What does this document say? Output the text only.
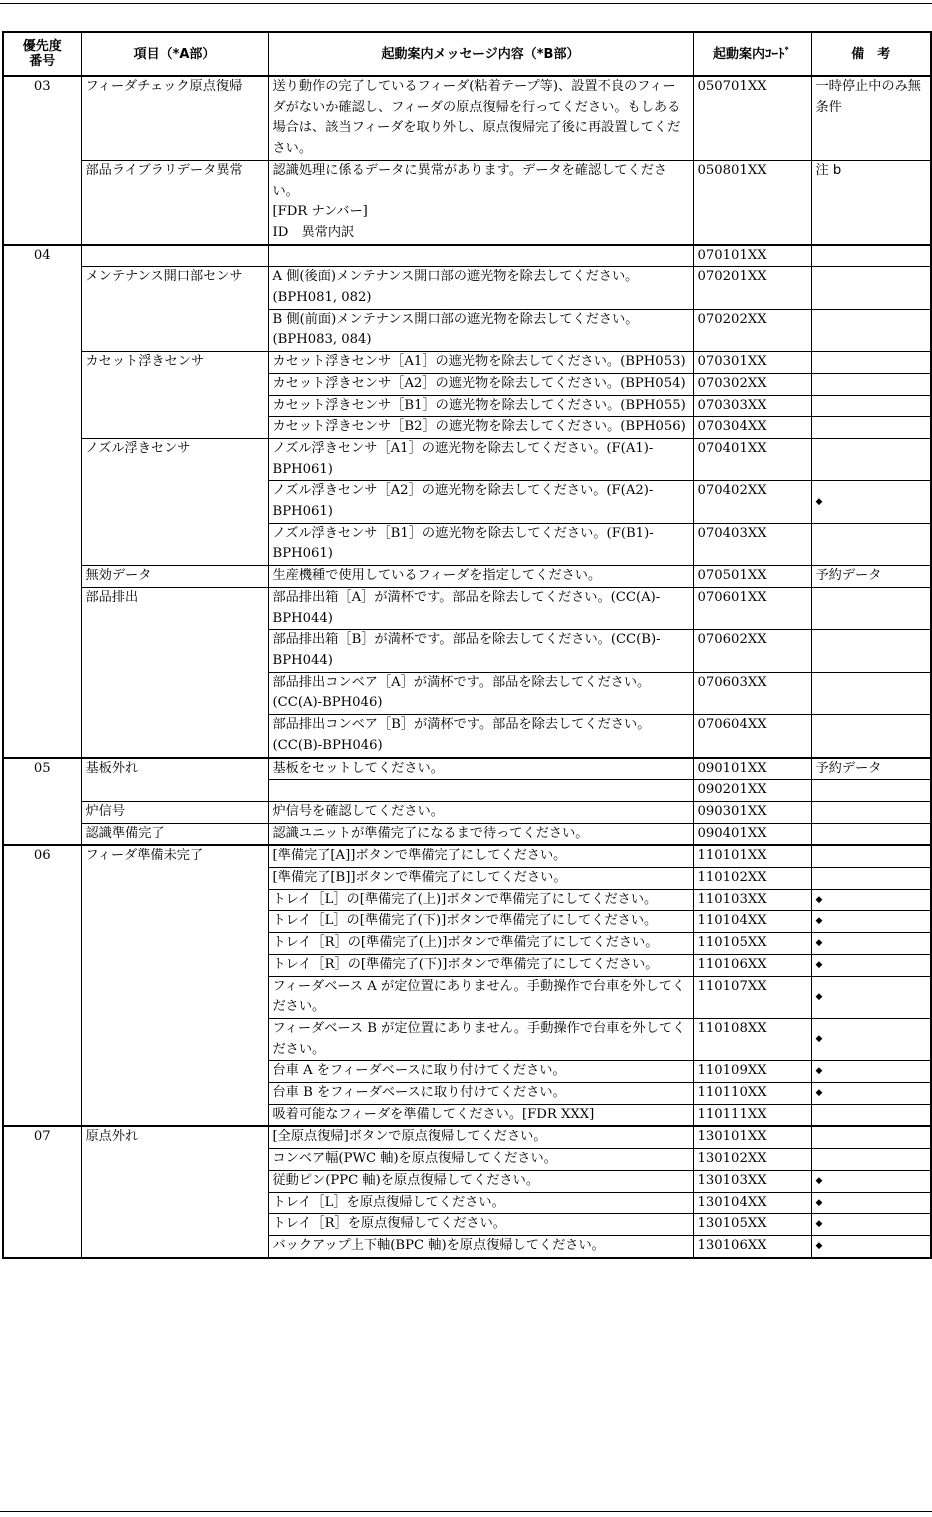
優先度
番号	項目（*A部）	起動案内メッセージ内容（*B部）	起動案内ｺｰﾄﾞ	備　考
03	フィーダチェック原点復帰	送り動作の完了しているフィーダ(粘着テープ等)、設置不良のフィーダがないか確認し、フィーダの原点復帰を行ってください。もしある場合は、該当フィーダを取り外し、原点復帰完了後に再設置してください。	050701XX	一時停止中のみ無条件
	部品ライブラリデータ異常	認識処理に係るデータに異常があります。データを確認してください。
[FDR ナンバー]
ID　異常内訳	050801XX	注 b
04			070101XX	
	メンテナンス開口部センサ	A 側(後面)メンテナンス開口部の遮光物を除去してください。(BPH081, 082)	070201XX	
		B 側(前面)メンテナンス開口部の遮光物を除去してください。(BPH083, 084)	070202XX	
	カセット浮きセンサ	カセット浮きセンサ［A1］の遮光物を除去してください。(BPH053)	070301XX	
		カセット浮きセンサ［A2］の遮光物を除去してください。(BPH054)	070302XX	
		カセット浮きセンサ［B1］の遮光物を除去してください。(BPH055)	070303XX	
		カセット浮きセンサ［B2］の遮光物を除去してください。(BPH056)	070304XX	
	ノズル浮きセンサ	ノズル浮きセンサ［A1］の遮光物を除去してください。(F(A1)-BPH061)	070401XX	
		ノズル浮きセンサ［A2］の遮光物を除去してください。(F(A2)-BPH061)	070402XX	◆
		ノズル浮きセンサ［B1］の遮光物を除去してください。(F(B1)-BPH061)	070403XX	
	無効データ	生産機種で使用しているフィーダを指定してください。	070501XX	予約データ
	部品排出	部品排出箱［A］が満杯です。部品を除去してください。(CC(A)-BPH044)	070601XX	
		部品排出箱［B］が満杯です。部品を除去してください。(CC(B)-BPH044)	070602XX	
		部品排出コンベア［A］が満杯です。部品を除去してください。(CC(A)-BPH046)	070603XX	
		部品排出コンベア［B］が満杯です。部品を除去してください。(CC(B)-BPH046)	070604XX	
05	基板外れ	基板をセットしてください。	090101XX	予約データ
			090201XX	
	炉信号	炉信号を確認してください。	090301XX	
	認識準備完了	認識ユニットが準備完了になるまで待ってください。	090401XX	
06	フィーダ準備未完了	[準備完了[A]]ボタンで準備完了にしてください。	110101XX	
		[準備完了[B]]ボタンで準備完了にしてください。	110102XX	
		トレイ［L］の[準備完了(上)]ボタンで準備完了にしてください。	110103XX	◆
		トレイ［L］の[準備完了(下)]ボタンで準備完了にしてください。	110104XX	◆
		トレイ［R］の[準備完了(上)]ボタンで準備完了にしてください。	110105XX	◆
		トレイ［R］の[準備完了(下)]ボタンで準備完了にしてください。	110106XX	◆
		フィーダベース A が定位置にありません。手動操作で台車を外してください。	110107XX	◆
		フィーダベース B が定位置にありません。手動操作で台車を外してください。	110108XX	◆
		台車 A をフィーダベースに取り付けてください。	110109XX	◆
		台車 B をフィーダベースに取り付けてください。	110110XX	◆
		吸着可能なフィーダを準備してください。[FDR XXX]	110111XX	
07	原点外れ	[全原点復帰]ボタンで原点復帰してください。	130101XX	
		コンベア幅(PWC 軸)を原点復帰してください。	130102XX	
		従動ピン(PPC 軸)を原点復帰してください。	130103XX	◆
		トレイ［L］を原点復帰してください。	130104XX	◆
		トレイ［R］を原点復帰してください。	130105XX	◆
		バックアップ上下軸(BPC 軸)を原点復帰してください。	130106XX	◆
